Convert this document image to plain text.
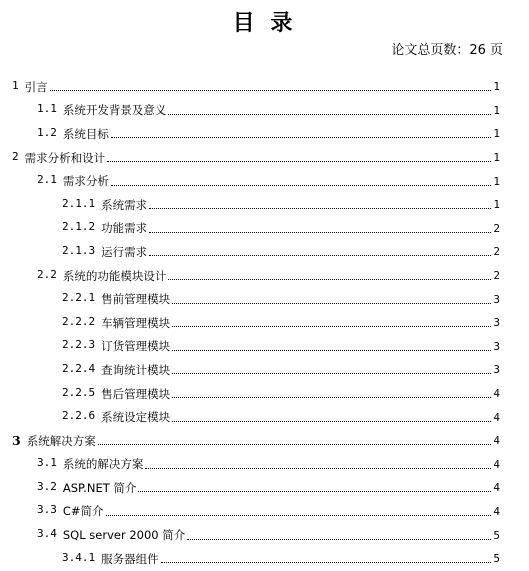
目 录
论文总页数：26 页
1 引言	1
1.1 系统开发背景及意义	1
1.2 系统目标	1
2 需求分析和设计	1
2.1 需求分析	1
2.1.1 系统需求	1
2.1.2 功能需求	2
2.1.3 运行需求	2
2.2 系统的功能模块设计	2
2.2.1 售前管理模块	3
2.2.2 车辆管理模块	3
2.2.3 订货管理模块	3
2.2.4 查询统计模块	3
2.2.5 售后管理模块	4
2.2.6 系统设定模块	4
3 系统解决方案	4
3.1 系统的解决方案	4
3.2 ASP.NET 简介	4
3.3 C#简介	4
3.4 SQL server 2000 简介	5
3.4.1 服务器组件	5
